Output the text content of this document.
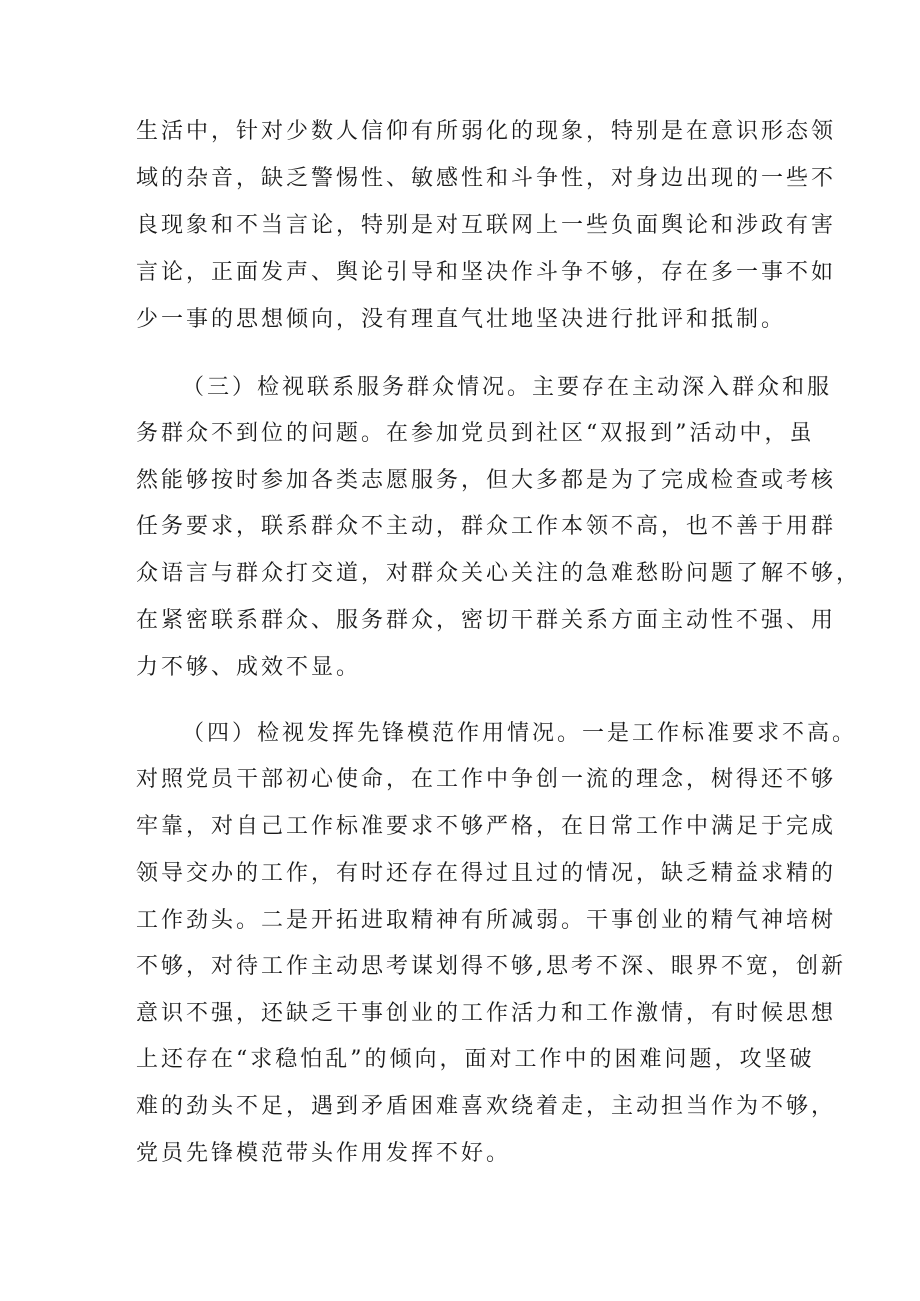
生活中，针对少数人信仰有所弱化的现象，特别是在意识形态领
域的杂音，缺乏警惕性、敏感性和斗争性，对身边出现的一些不
良现象和不当言论，特别是对互联网上一些负面舆论和涉政有害
言论，正面发声、舆论引导和坚决作斗争不够，存在多一事不如
少一事的思想倾向，没有理直气壮地坚决进行批评和抵制。
（三）检视联系服务群众情况。主要存在主动深入群众和服
务群众不到位的问题。在参加党员到社区“双报到”活动中，虽
然能够按时参加各类志愿服务，但大多都是为了完成检查或考核
任务要求，联系群众不主动，群众工作本领不高，也不善于用群
众语言与群众打交道，对群众关心关注的急难愁盼问题了解不够，
在紧密联系群众、服务群众，密切干群关系方面主动性不强、用
力不够、成效不显。
（四）检视发挥先锋模范作用情况。一是工作标准要求不高。
对照党员干部初心使命，在工作中争创一流的理念，树得还不够
牢靠，对自己工作标准要求不够严格，在日常工作中满足于完成
领导交办的工作，有时还存在得过且过的情况，缺乏精益求精的
工作劲头。二是开拓进取精神有所减弱。干事创业的精气神培树
不够，对待工作主动思考谋划得不够,思考不深、眼界不宽，创新
意识不强，还缺乏干事创业的工作活力和工作激情，有时候思想
上还存在“求稳怕乱”的倾向，面对工作中的困难问题，攻坚破
难的劲头不足，遇到矛盾困难喜欢绕着走，主动担当作为不够，
党员先锋模范带头作用发挥不好。
